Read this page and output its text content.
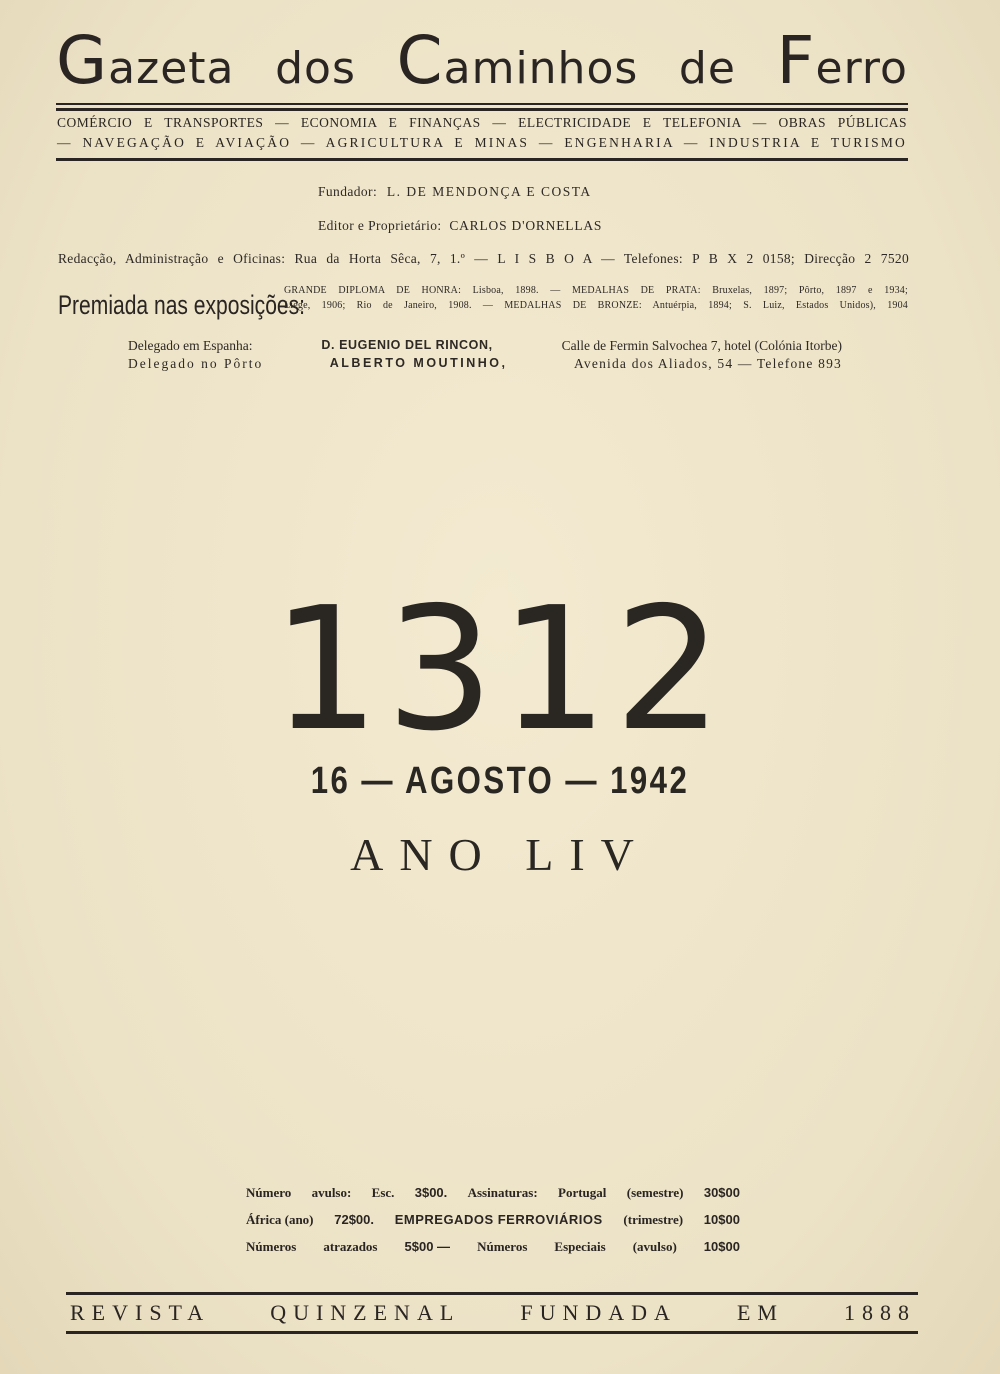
Gazeta dos Caminhos de Ferro
COMÉRCIO E TRANSPORTES — ECONOMIA E FINANÇAS — ELECTRICIDADE E TELEFONIA — OBRAS PÚBLICAS
— NAVEGAÇÃO E AVIAÇÃO — AGRICULTURA E MINAS — ENGENHARIA — INDUSTRIA E TURISMO
Fundador: L. DE MENDONÇA E COSTA
Editor e Proprietário: CARLOS D'ORNELLAS
Redacção, Administração e Oficinas: Rua da Horta Sêca, 7, 1.º — L I S B O A — Telefones: P B X 2 0158; Direcção 2 7520
Premiada nas exposições:
GRANDE DIPLOMA DE HONRA: Lisboa, 1898. — MEDALHAS DE PRATA: Bruxelas, 1897; Pôrto, 1897 e 1934;
Liège, 1906; Rio de Janeiro, 1908. — MEDALHAS DE BRONZE: Antuérpia, 1894; S. Luiz, Estados Unidos), 1904
Delegado em Espanha:	D. EUGENIO DEL RINCON,	Calle de Fermin Salvochea 7, hotel (Colónia Itorbe)
Delegado no Pôrto	ALBERTO MOUTINHO,	Avenida dos Aliados, 54 — Telefone 893
1312
16 — AGOSTO — 1942
ANO LIV
Número avulso: Esc. 3$00. Assinaturas: Portugal (semestre) 30$00
África (ano) 72$00. EMPREGADOS FERROVIÁRIOS (trimestre) 10$00
Números atrazados 5$00 — Números Especiais (avulso) 10$00
REVISTA	QUINZENAL	FUNDADA	EM	1888
